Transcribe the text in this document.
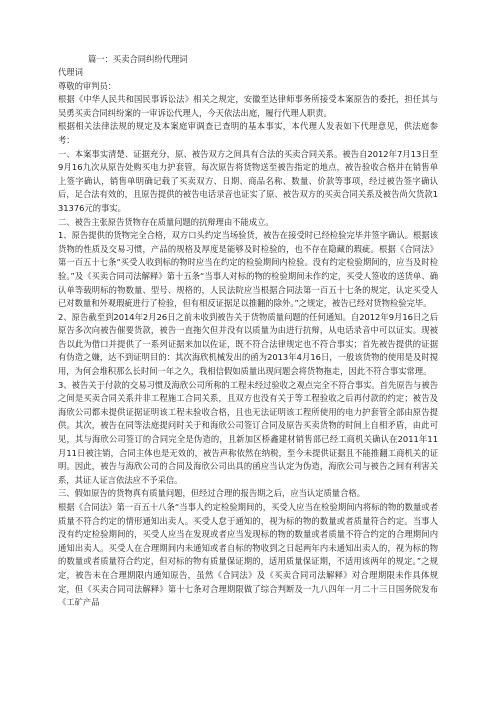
篇一：买卖合同纠纷代理词

代理词

尊敬的审判员：

根据《中华人民共和国民事诉讼法》相关之规定，安徽至达律师事务所接受本案原告的委托，担任其与吴勇买卖合同纠纷案的一审诉讼代理人，今天依法出庭，履行代理人职责。

根据相关法律法规的规定及本案庭审调查已查明的基本事实，本代理人发表如下代理意见，供法庭参考：

一、本案事实清楚、证据充分，原、被告双方之间具有合法的买卖合同关系。被告自2012年7月13日至9月16九次从原告处购买电力护套管，每次原告将货物送至被告指定的地点，被告验收合格并在销售单上签字确认，销售单明确记载了买卖双方、日期、商品名称、数量、价款等事项，经过被告签字确认后，足合法有效的，且原告提供的被告电话录音也证实了原、被告双方的买卖合同关系及被告尚欠货款131376元的事实。

二、被告主张原告货物存在质量问题的抗辩理由不能成立。

1、原告提供的货物完全合格，双方口头约定当场验货，被告在接受时已经检验完毕并签字确认。根据该货物的性质及交易习惯，产品的规格及厚度是能够及时检验的，也不存在隐藏的瑕疵。根据《合同法》第一百五十七条“买受人收到标的物时应当在约定的检验期间内检验。没有约定检验期间的，应当及时检验。”及《买卖合同司法解释》第十五条“当事人对标的物的检验期间未作约定，买受人签收的送货单、确认单等载明标的物数量、型号、规格的，人民法院应当根据合同法第一百五十七条的规定，认定买受人已对数量和外观瑕疵进行了检验，但有相反证据足以推翻的除外。”之规定，被告已经对货物检验完毕。

2、原告截至到2014年2月26日之前未收到被告关于货物质量问题的任何通知。自2012年9月16日之后原告多次向被告催要货款，被告一直拖欠但并没有以质量为由进行抗辩，从电话录音中可以证实。现被告以此为借口并提供了一系列证据来加以佐证，既不符合法律规定也不符合事实；首先被告提供的证据有伪造之嫌，达不到证明目的：其次海欣机械发出的函为2013年4月16日，一般该货物的使用是及时搅用，为何会堆积那么长时间一年之久，我相信假如质量出现问题会将货物拖走，因此不符合事实常理。

3、被告关于付款的交易习惯及海欣公司所称的工程未经过验收之观点完全不符合事实。首先原告与被告之间是买卖合同关系并非工程施工合同关系，且双方也没有关于等工程验收之后再付款的约定；被告及海欣公司都未提供证据证明该工程未验收合格，且也无法证明该工程所使用的电力护套管全部由原告提供。其次，被告在同等法庭提问时关于和海欣公司签订合同及原告买卖货物的时间上自相矛盾，由此可见，其与海欣公司签订的合同完全是伪造的，且新加区桥鑫建材销售部已经工商机关确认在2011年11月11日被注销，合同主体也是无效的，被告声称依然在纳税，至今未提供证据且不能推翻工商机关的证明。因此，被告与海欣公司的合同及海欣公司出具的函应当认定为伪造，海欣公司与被告之间有利害关系，其证人证言依法应不予采信。

三、假如原告的货物真有质量问题，但经过合理的报告期之后，应当认定质量合格。

根据《合同法》第一百五十八条“当事人约定检验期间的，买受人应当在检验期间内将标的物的数量或者质量不符合约定的情形通知出卖人。买受人怠于通知的，视为标的物的数量或者质量符合约定。当事人没有约定检验期间的，买受人应当在发现或者应当发现标的物的数量或者质量不符合约定的合理期间内通知出卖人。买受人在合理期间内未通知或者自标的物收到之日起两年内未通知出卖人的，视为标的物的数量或者质量符合约定，但对标的物有质量保证期的，适用质量保证期，不适用该两年的规定。”之规定，被告未在合理期限内通知原告，虽然《合同法》及《买卖合同司法解释》对合理期限未作具体规定，但《买卖合同司法解释》第十七条对合理期限做了综合判断及一九八四年一月二十三日国务院发布《工矿产品
